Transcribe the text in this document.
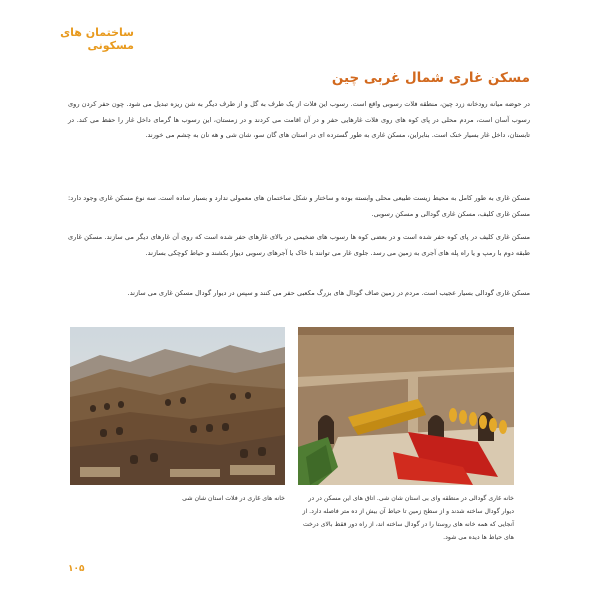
ساختمان های مسکونی
مسکن غاری شمال غربی چین

در حوضه میانه رودخانه زرد چین، منطقه فلات رسوبی واقع است. رسوب این فلات از یک طرف به گل و از طرف دیگر به شن ریزه تبدیل می شود. چون حفر کردن روی رسوب آسان است، مردم محلی در پای کوه های روی فلات غارهایی حفر و در آن اقامت می کردند و در زمستان، این رسوب ها گرمای داخل غار را حفظ می کند. در تابستان، داخل غار بسیار خنک است. بنابراین، مسکن غاری به طور گسترده ای در استان های گان سو، شان شی و هه نان به چشم می خورند.

مسکن غاری به طور کامل به محیط زیست طبیعی محلی وابسته بوده و ساختار و شکل ساختمان های معمولی ندارد و بسیار ساده است. سه نوع مسکن غاری وجود دارد: مسکن غاری کلیف، مسکن غاری گودالی و مسکن رسوبی.

مسکن غاری کلیف در پای کوه حفر شده است و در بعضی کوه ها رسوب های ضخیمی در بالای غارهای حفر شده است که روی آن غارهای دیگر می سازند. مسکن غاری طبقه دوم با رمپ و یا راه پله های آجری به زمین می رسد. جلوی غار می توانند با خاک یا آجرهای رسوبی دیوار بکشند و حیاط کوچکی بسازند.

مسکن غاری گودالی بسیار عجیب است. مردم در زمین صاف گودال های بزرگ مکعبی حفر می کنند و سپس در دیوار گودال مسکن غاری می سازند.

خانه های غاری در فلات استان شان شی	خانه غاری گودالی در منطقه وای بی استان شان شی. اتاق های این مسکن در در دیوار گودال ساخته شدند و از سطح زمین تا حیاط آن بیش از ده متر فاصله دارد. از آنجایی که همه خانه های روستا را در گودال ساخته اند، از راه دور فقط بالای درخت های حیاط ها دیده می شود.
۱۰۵
